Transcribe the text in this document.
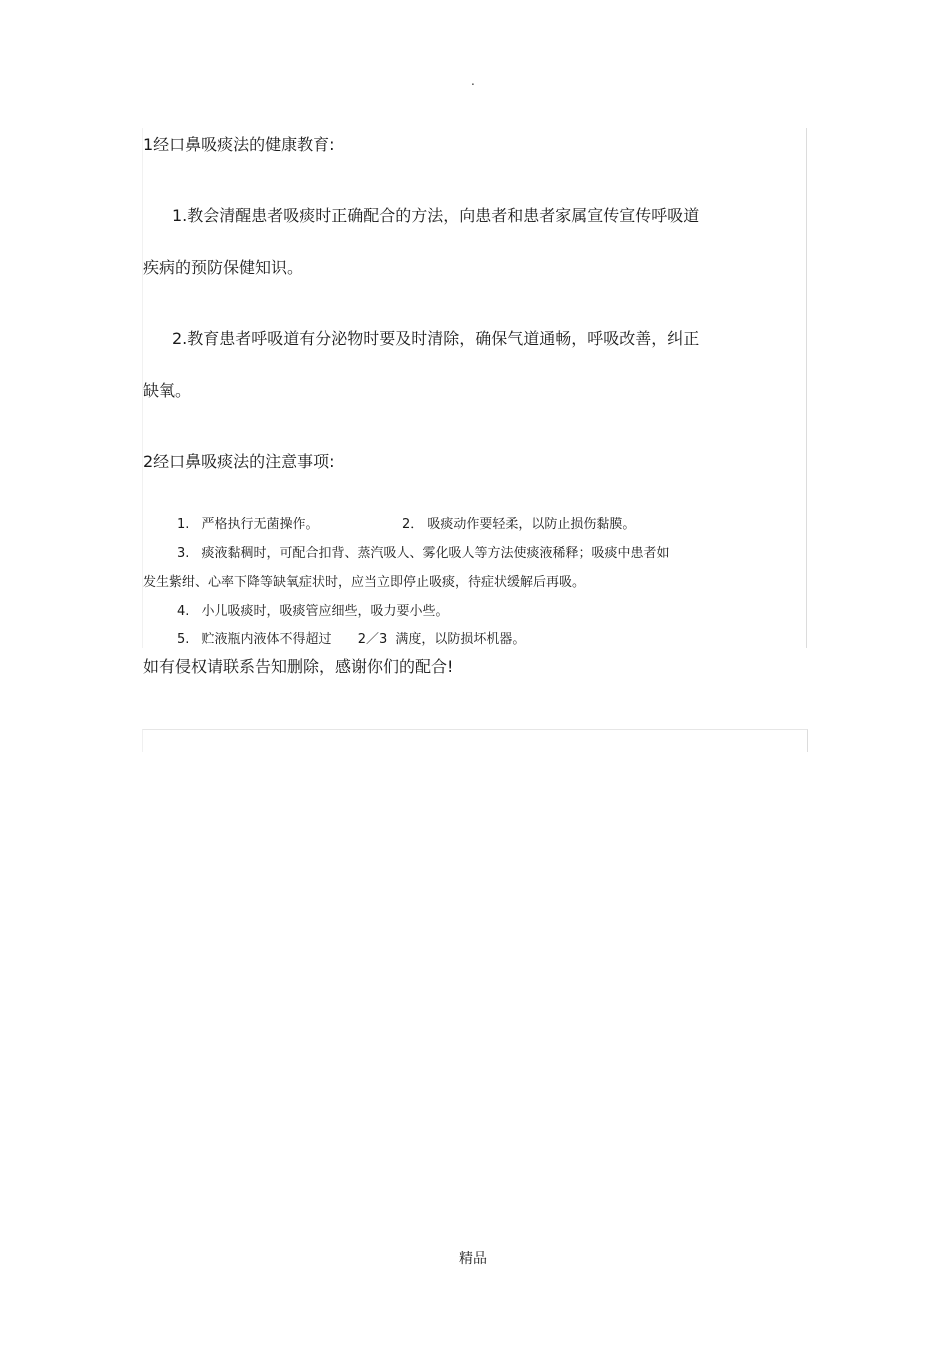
.
1经口鼻吸痰法的健康教育:
1.教会清醒患者吸痰时正确配合的方法，向患者和患者家属宣传宣传呼吸道
疾病的预防保健知识。
2.教育患者呼吸道有分泌物时要及时清除，确保气道通畅，呼吸改善，纠正
缺氧。
2经口鼻吸痰法的注意事项:
1. 严格执行无菌操作。	2． 吸痰动作要轻柔，以防止损伤黏膜。
3. 痰液黏稠时，可配合扣背、蒸汽吸人、雾化吸人等方法使痰液稀释；吸痰中患者如
发生紫绀、心率下降等缺氧症状时，应当立即停止吸痰，待症状缓解后再吸。
4. 小儿吸痰时，吸痰管应细些，吸力要小些。
5. 贮液瓶内液体不得超过 2／3 满度，以防损坏机器。
如有侵权请联系告知删除，感谢你们的配合!
精品
